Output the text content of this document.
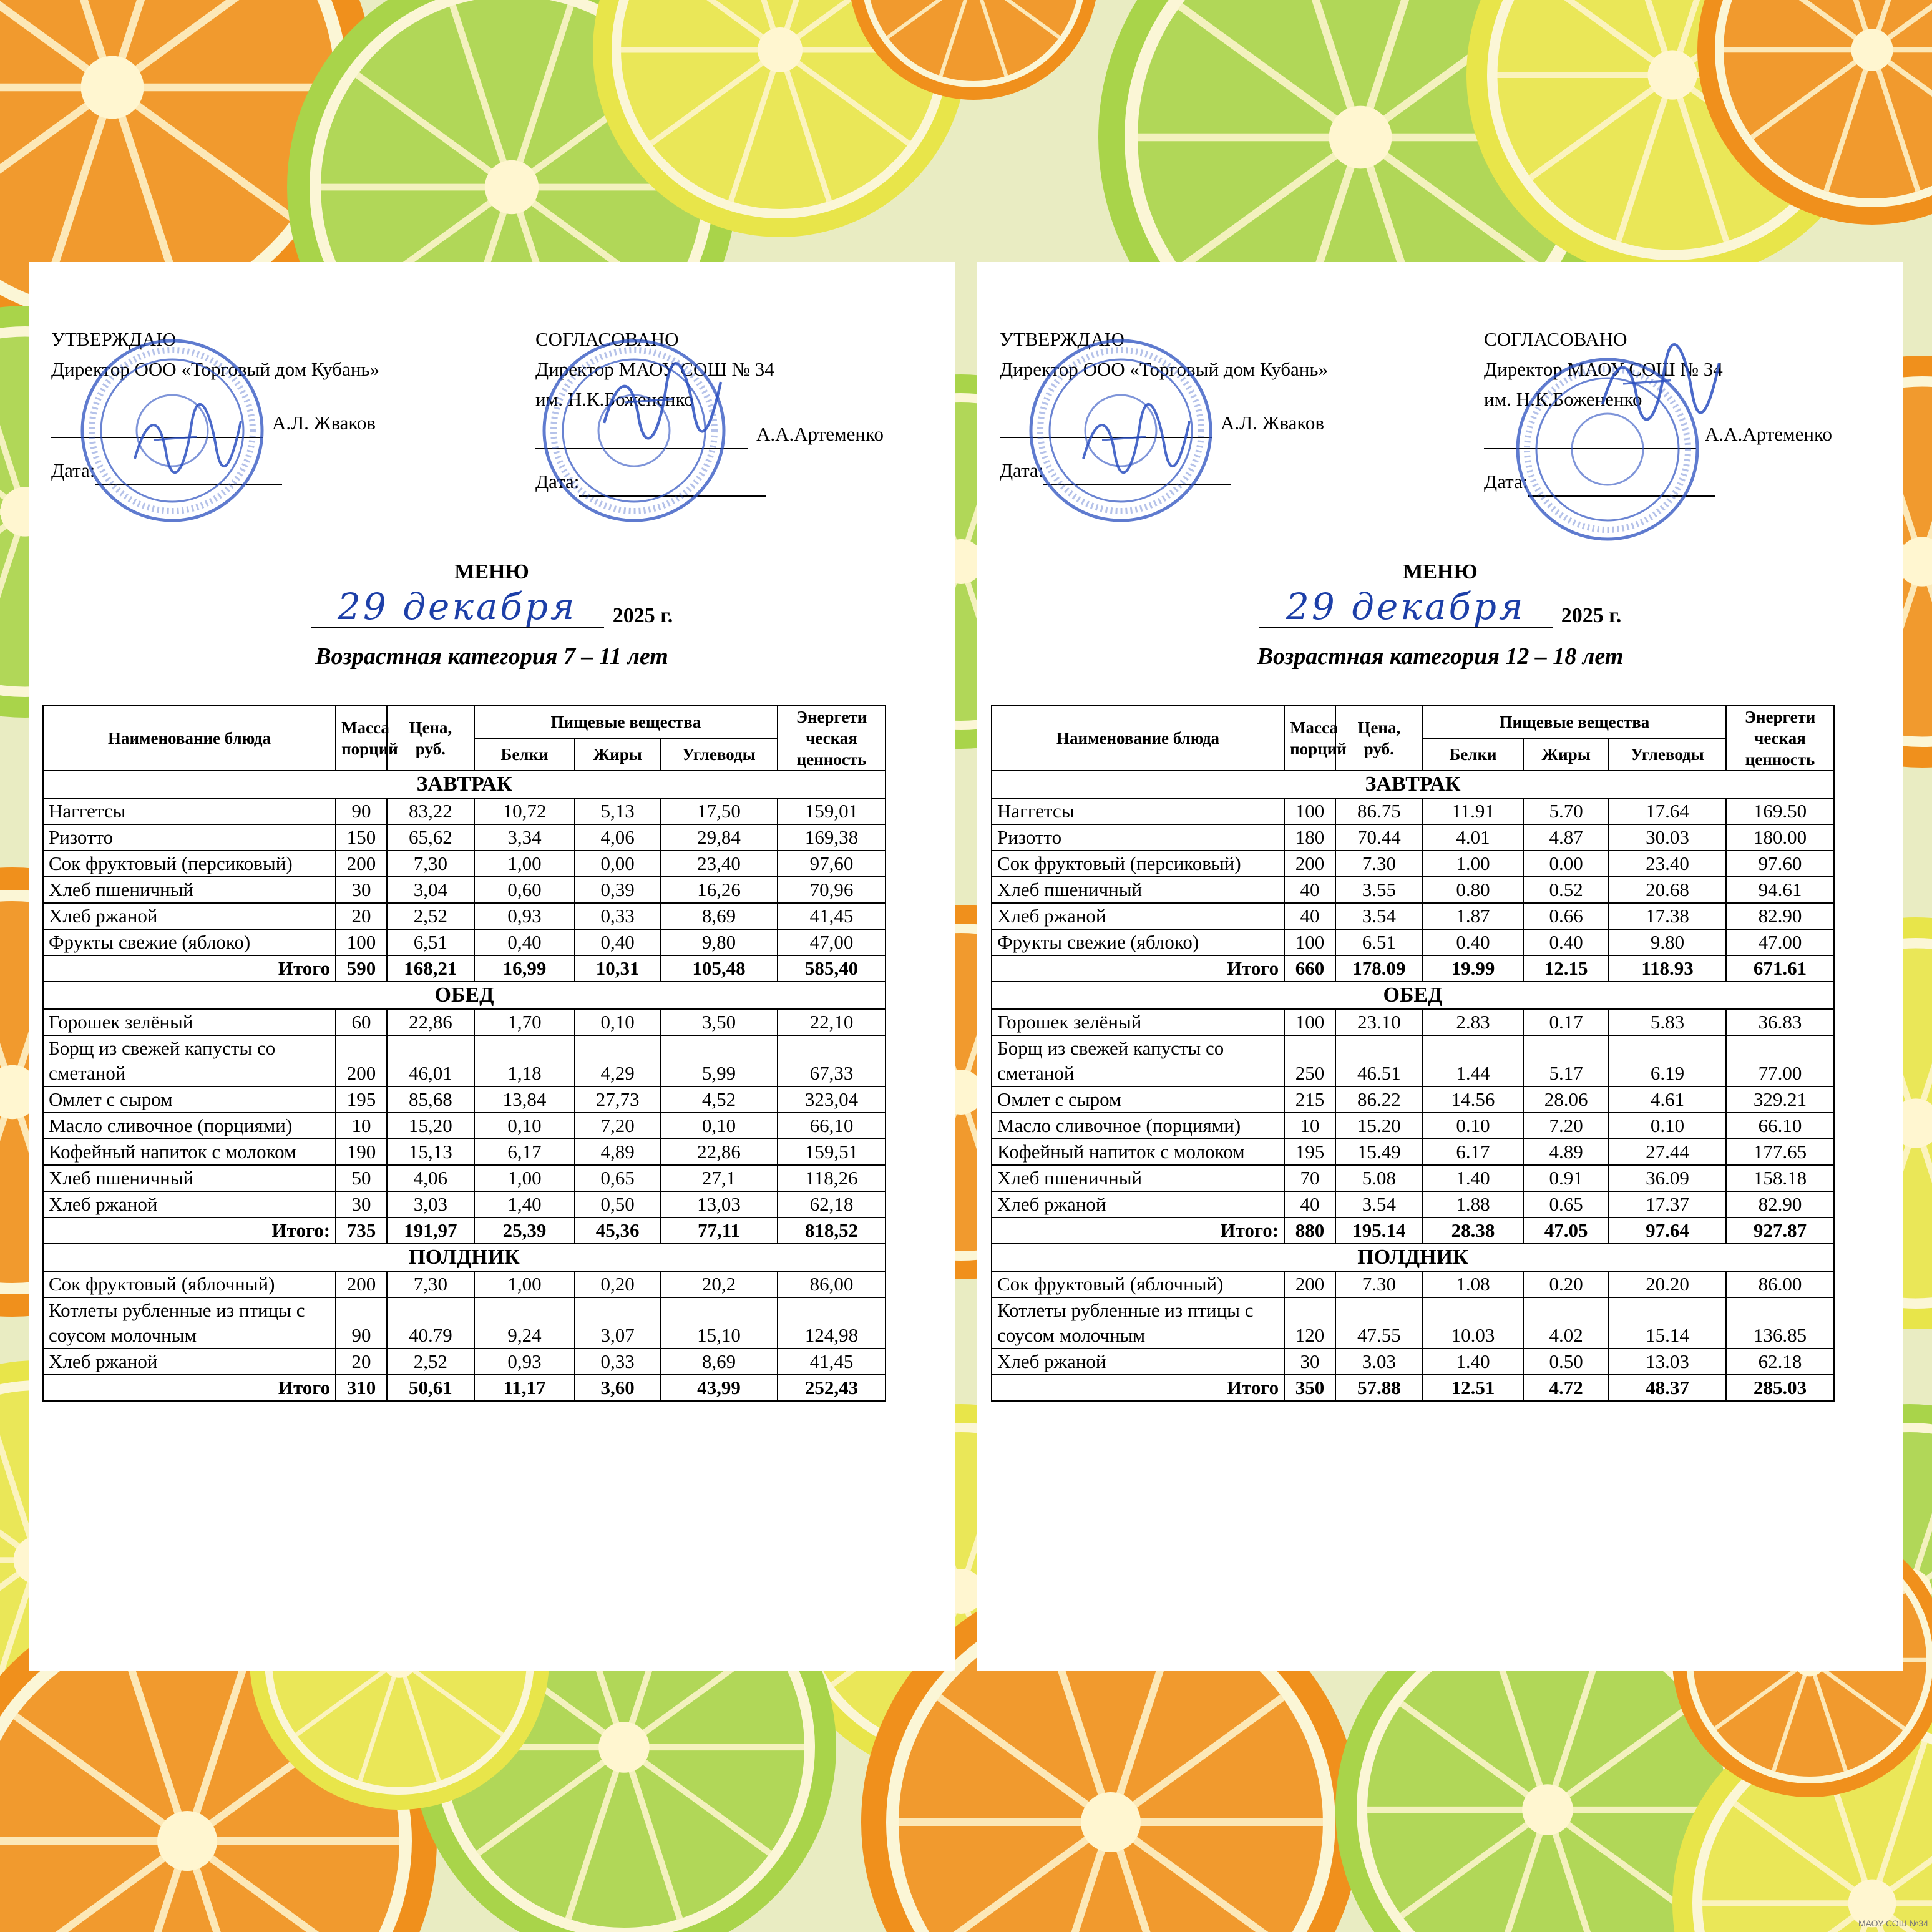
УТВЕРЖДАЮ
Директор ООО «Торговый дом Кубань»
А.Л. Жваков
Дата:
СОГЛАСОВАНО
Директор МАОУ СОШ № 34
им. Н.К.Божененко
А.А.Артеменко
Дата:
МЕНЮ
29 декабря	2025 г.
Возрастная категория 7 – 11 лет
Наименование блюда	Масса порций	Цена, руб.	Пищевые вещества			Энергети ческая ценность
			Белки	Жиры	Углеводы	
ЗАВТРАК						
Наггетсы	90	83,22	10,72	5,13	17,50	159,01
Ризотто	150	65,62	3,34	4,06	29,84	169,38
Сок фруктовый (персиковый)	200	7,30	1,00	0,00	23,40	97,60
Хлеб пшеничный	30	3,04	0,60	0,39	16,26	70,96
Хлеб ржаной	20	2,52	0,93	0,33	8,69	41,45
Фрукты свежие (яблоко)	100	6,51	0,40	0,40	9,80	47,00
Итого	590	168,21	16,99	10,31	105,48	585,40
ОБЕД						
Горошек зелёный	60	22,86	1,70	0,10	3,50	22,10
Борщ из свежей капусты со сметаной	200	46,01	1,18	4,29	5,99	67,33
Омлет с сыром	195	85,68	13,84	27,73	4,52	323,04
Масло сливочное (порциями)	10	15,20	0,10	7,20	0,10	66,10
Кофейный напиток с молоком	190	15,13	6,17	4,89	22,86	159,51
Хлеб пшеничный	50	4,06	1,00	0,65	27,1	118,26
Хлеб ржаной	30	3,03	1,40	0,50	13,03	62,18
Итого:	735	191,97	25,39	45,36	77,11	818,52
ПОЛДНИК						
Сок фруктовый (яблочный)	200	7,30	1,00	0,20	20,2	86,00
Котлеты рубленные из птицы с соусом молочным	90	40.79	9,24	3,07	15,10	124,98
Хлеб ржаной	20	2,52	0,93	0,33	8,69	41,45
Итого	310	50,61	11,17	3,60	43,99	252,43
УТВЕРЖДАЮ
Директор ООО «Торговый дом Кубань»
А.Л. Жваков
Дата:
СОГЛАСОВАНО
Директор МАОУ СОШ № 34
им. Н.К.Божененко
А.А.Артеменко
Дата:
МЕНЮ
29 декабря	2025 г.
Возрастная категория 12 – 18 лет
Наименование блюда	Масса порций	Цена, руб.	Пищевые вещества			Энергети ческая ценность
			Белки	Жиры	Углеводы	
ЗАВТРАК						
Наггетсы	100	86.75	11.91	5.70	17.64	169.50
Ризотто	180	70.44	4.01	4.87	30.03	180.00
Сок фруктовый (персиковый)	200	7.30	1.00	0.00	23.40	97.60
Хлеб пшеничный	40	3.55	0.80	0.52	20.68	94.61
Хлеб ржаной	40	3.54	1.87	0.66	17.38	82.90
Фрукты свежие (яблоко)	100	6.51	0.40	0.40	9.80	47.00
Итого	660	178.09	19.99	12.15	118.93	671.61
ОБЕД						
Горошек зелёный	100	23.10	2.83	0.17	5.83	36.83
Борщ из свежей капусты со сметаной	250	46.51	1.44	5.17	6.19	77.00
Омлет с сыром	215	86.22	14.56	28.06	4.61	329.21
Масло сливочное (порциями)	10	15.20	0.10	7.20	0.10	66.10
Кофейный напиток с молоком	195	15.49	6.17	4.89	27.44	177.65
Хлеб пшеничный	70	5.08	1.40	0.91	36.09	158.18
Хлеб ржаной	40	3.54	1.88	0.65	17.37	82.90
Итого:	880	195.14	28.38	47.05	97.64	927.87
ПОЛДНИК						
Сок фруктовый (яблочный)	200	7.30	1.08	0.20	20.20	86.00
Котлеты рубленные из птицы с соусом молочным	120	47.55	10.03	4.02	15.14	136.85
Хлеб ржаной	30	3.03	1.40	0.50	13.03	62.18
Итого	350	57.88	12.51	4.72	48.37	285.03
МАОУ СОШ №34
